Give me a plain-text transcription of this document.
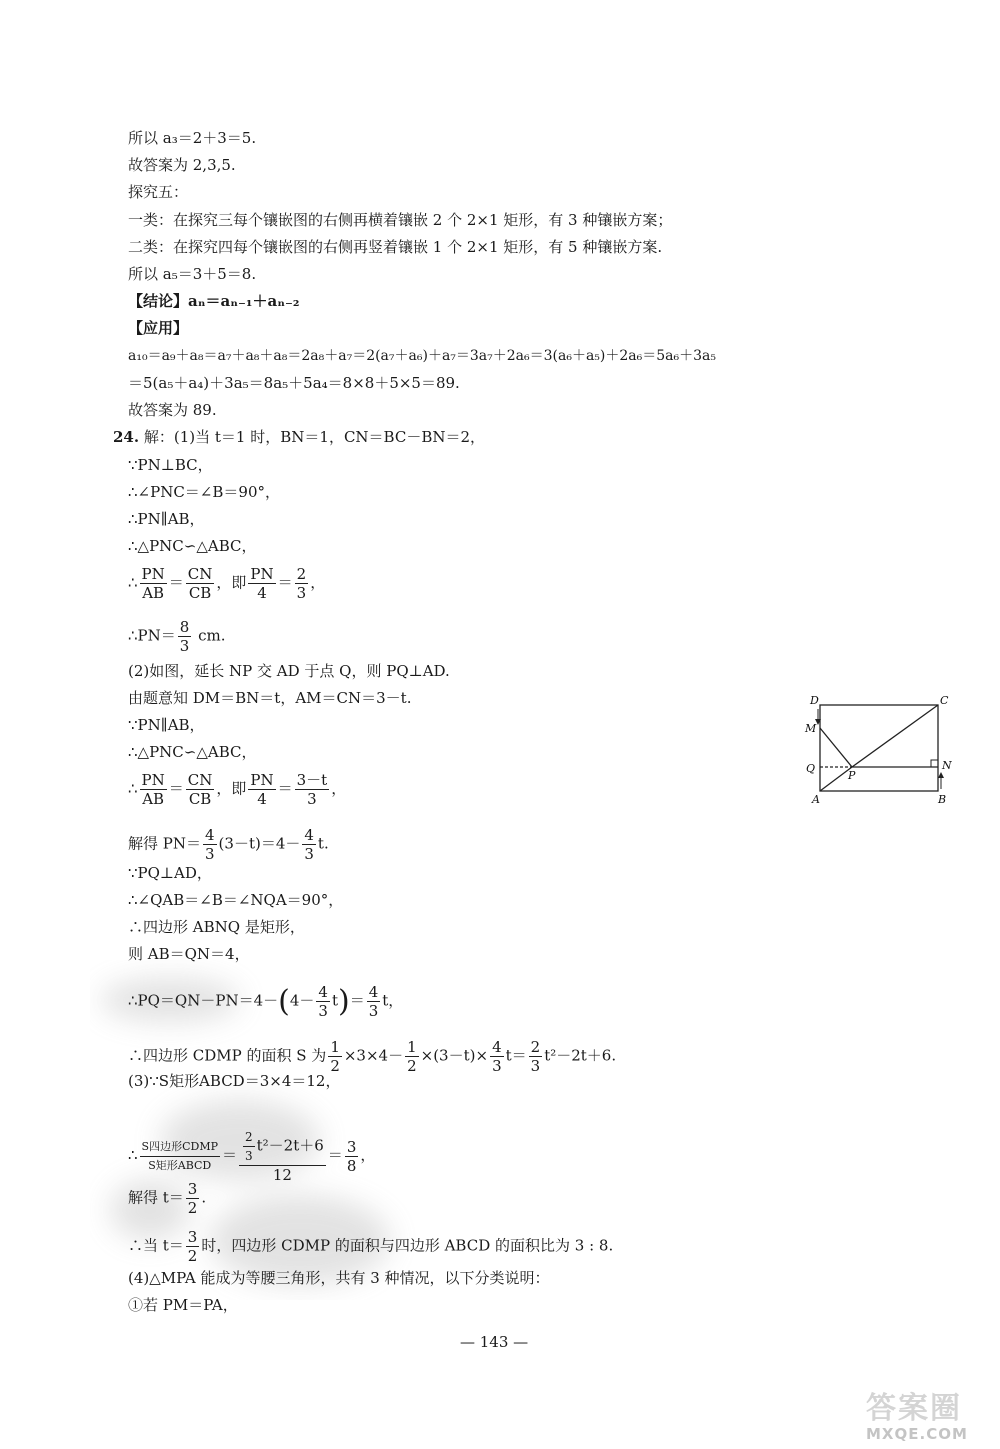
所以 a₃＝2＋3＝5.
故答案为 2,3,5.
探究五：
一类：在探究三每个镶嵌图的右侧再横着镶嵌 2 个 2×1 矩形，有 3 种镶嵌方案；
二类：在探究四每个镶嵌图的右侧再竖着镶嵌 1 个 2×1 矩形，有 5 种镶嵌方案.
所以 a₅＝3＋5＝8.
【结论】aₙ＝aₙ₋₁＋aₙ₋₂
【应用】
a₁₀＝a₉＋a₈＝a₇＋a₈＋a₈＝2a₈＋a₇＝2(a₇＋a₆)＋a₇＝3a₇＋2a₆＝3(a₆＋a₅)＋2a₆＝5a₆＋3a₅
＝5(a₅＋a₄)＋3a₅＝8a₅＋5a₄＝8×8＋5×5＝89.
故答案为 89.
24. 解：(1)当 t＝1 时，BN＝1，CN＝BC－BN＝2，
∵PN⊥BC，
∴∠PNC＝∠B＝90°，
∴PN∥AB，
∴△PNC∽△ABC，
∴ $\frac{PN}{AB} = \frac{CN}{CB}$ ，即 $\frac{PN}{4} = \frac{2}{3}$ ，
∴PN＝ $\frac{8}{3}$ cm.
(2)如图，延长 NP 交 AD 于点 Q，则 PQ⊥AD.
由题意知 DM＝BN＝t，AM＝CN＝3－t.
∵PN∥AB，
∴△PNC∽△ABC，
∴ $\frac{PN}{AB} = \frac{CN}{CB}$ ，即 $\frac{PN}{4} = \frac{3-t}{3}$ ，
解得 $PN= \frac{4}{3} (3-t)=4- \frac{4}{3} t$.
∵PQ⊥AD，
∴∠QAB＝∠B＝∠NQA＝90°，
∴四边形 ABNQ 是矩形，
则 AB＝QN＝4，
∴PQ＝QN－PN＝4－(4－ $\frac{4}{3} t)= \frac{4}{3}$ t，
∴四边形 CDMP 的面积 S 为 $\frac{1}{2} \times 3\times 4- \frac{1}{2} \times(3-t)\times \frac{4}{3} t= \frac{2}{3} t^2-2t+6$.
(3)∵S矩形ABCD＝3×4＝12，
∴ $\frac{\text{S四边形CDMP}}{\text{S矩形ABCD}} = \frac{\frac{2}{3} t^2-2t+6}{12} = \frac{3}{8}$ ，
解得 $t= \frac{3}{2}$ .
∴当 $t= \frac{3}{2}$ 时，四边形 CDMP 的面积与四边形 ABCD 的面积比为 3 : 8.
(4)△MPA 能成为等腰三角形，共有 3 种情况，以下分类说明：
①若 PM＝PA，
D	C
M
Q
P
N
A	B
— 143 —
答案圈
MXQE.COM
